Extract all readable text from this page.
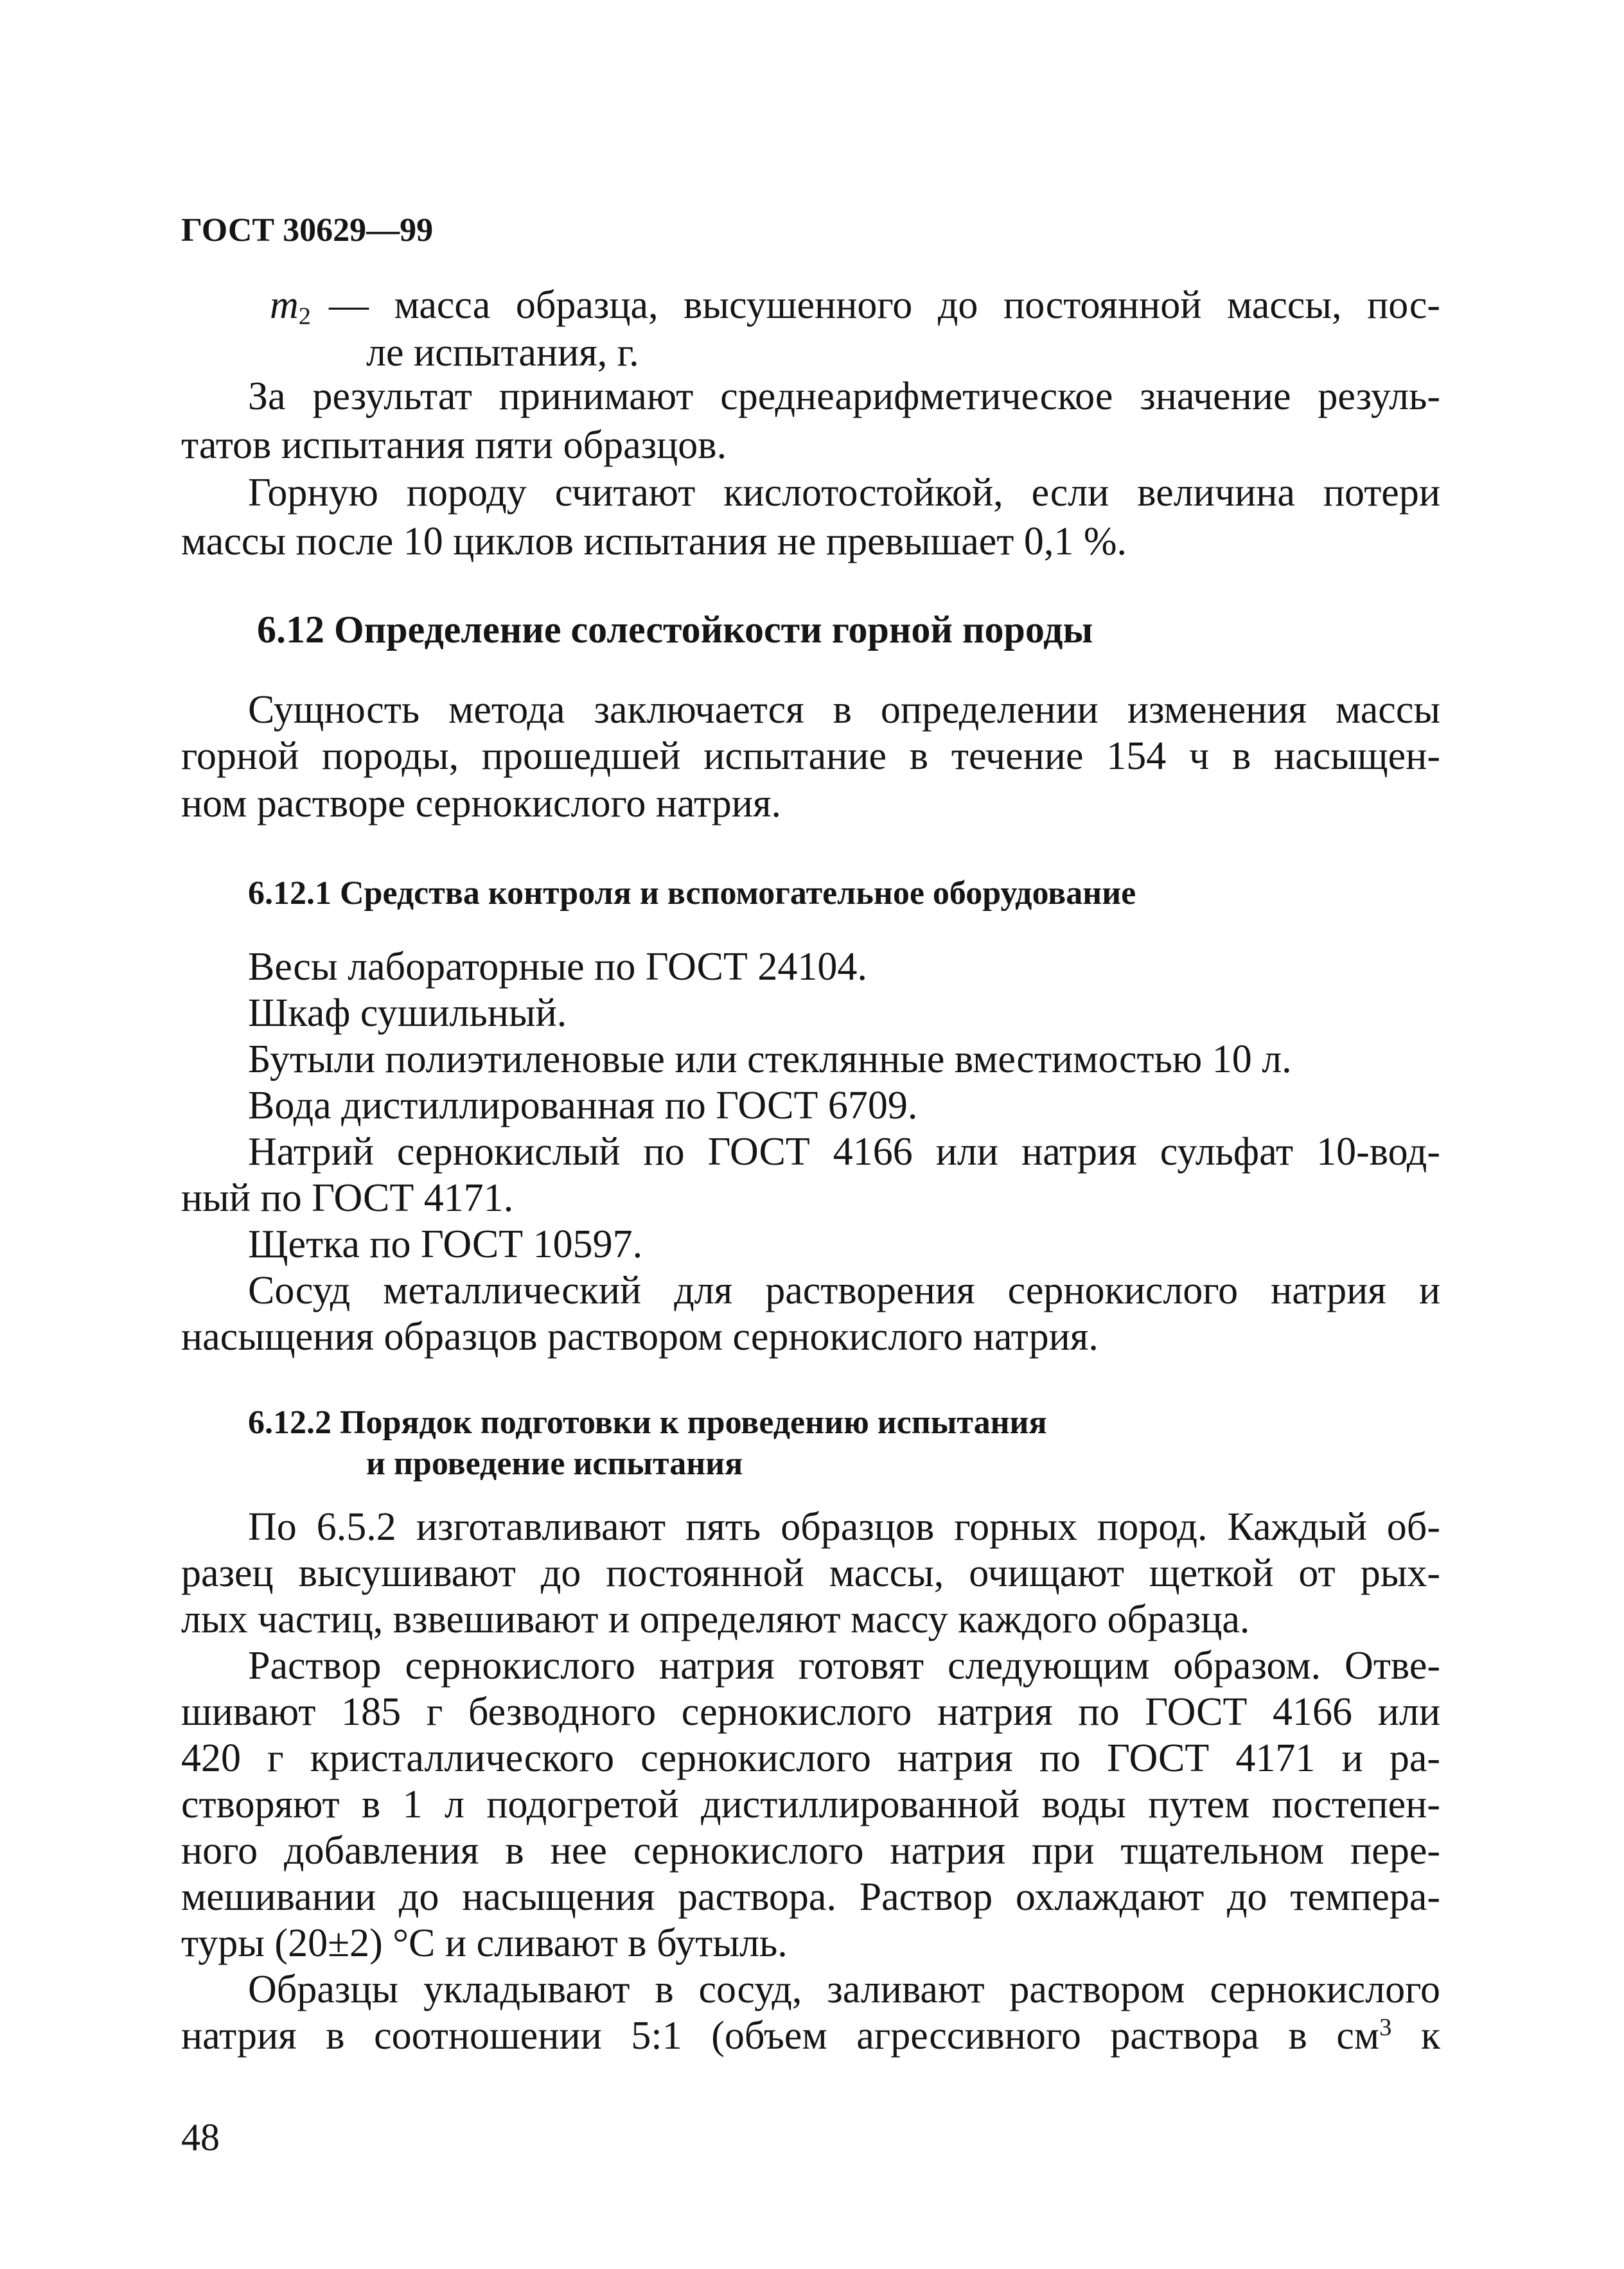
ГОСТ 30629—99
$m_2$ — масса образца, высушенного до постоянной массы, пос-
ле испытания, г.
За результат принимают среднеарифметическое значение резуль-
татов испытания пяти образцов.
Горную породу считают кислотостойкой, если величина потери
массы после 10 циклов испытания не превышает 0,1 %.
6.12 Определение солестойкости горной породы
Сущность метода заключается в определении изменения массы
горной породы, прошедшей испытание в течение 154 ч в насыщен-
ном растворе сернокислого натрия.
6.12.1 Средства контроля и вспомогательное оборудование
Весы лабораторные по ГОСТ 24104.
Шкаф сушильный.
Бутыли полиэтиленовые или стеклянные вместимостью 10 л.
Вода дистиллированная по ГОСТ 6709.
Натрий сернокислый по ГОСТ 4166 или натрия сульфат 10-вод-
ный по ГОСТ 4171.
Щетка по ГОСТ 10597.
Сосуд металлический для растворения сернокислого натрия и
насыщения образцов раствором сернокислого натрия.
6.12.2 Порядок подготовки к проведению испытания
и проведение испытания
По 6.5.2 изготавливают пять образцов горных пород. Каждый об-
разец высушивают до постоянной массы, очищают щеткой от рых-
лых частиц, взвешивают и определяют массу каждого образца.
Раствор сернокислого натрия готовят следующим образом. Отве-
шивают 185 г безводного сернокислого натрия по ГОСТ 4166 или
420 г кристаллического сернокислого натрия по ГОСТ 4171 и ра-
створяют в 1 л подогретой дистиллированной воды путем постепен-
ного добавления в нее сернокислого натрия при тщательном пере-
мешивании до насыщения раствора. Раствор охлаждают до темпера-
туры (20±2) °С и сливают в бутыль.
Образцы укладывают в сосуд, заливают раствором сернокислого
натрия в соотношении 5:1 (объем агрессивного раствора в $см^3$ к
48
